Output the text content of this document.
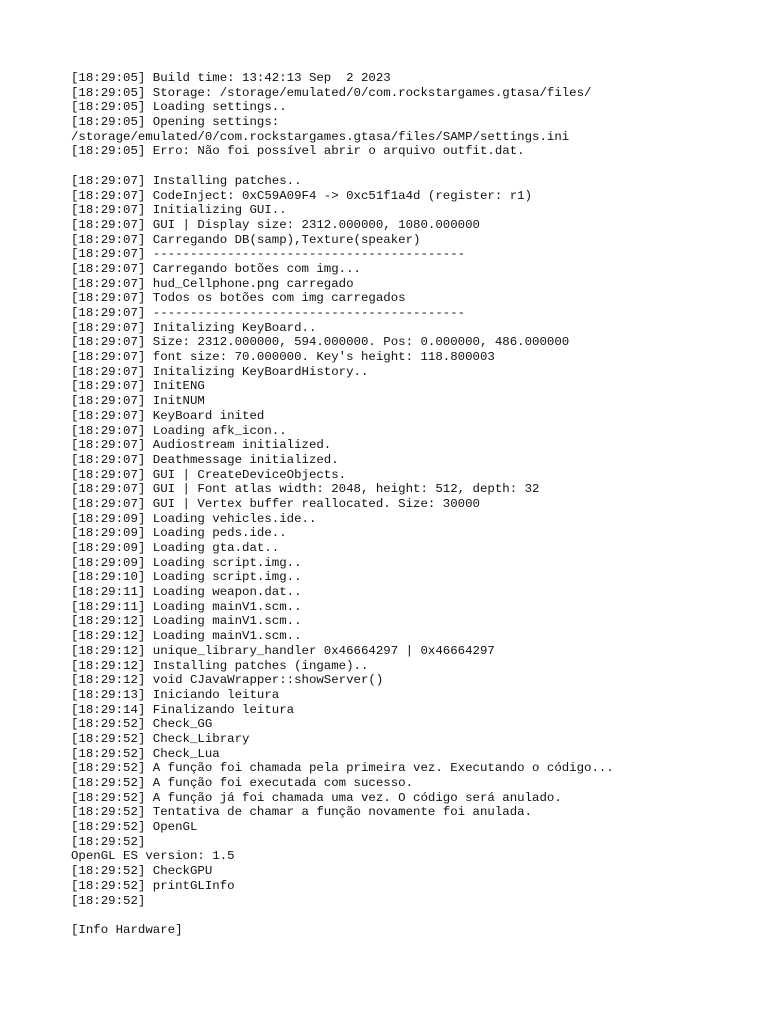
[18:29:05] Build time: 13:42:13 Sep  2 2023
[18:29:05] Storage: /storage/emulated/0/com.rockstargames.gtasa/files/
[18:29:05] Loading settings..
[18:29:05] Opening settings:
/storage/emulated/0/com.rockstargames.gtasa/files/SAMP/settings.ini
[18:29:05] Erro: Não foi possível abrir o arquivo outfit.dat.
[18:29:07] Installing patches..
[18:29:07] CodeInject: 0xC59A09F4 -> 0xc51f1a4d (register: r1)
[18:29:07] Initializing GUI..
[18:29:07] GUI | Display size: 2312.000000, 1080.000000
[18:29:07] Carregando DB(samp),Texture(speaker)
[18:29:07] ------------------------------------------
[18:29:07] Carregando botões com img...
[18:29:07] hud_Cellphone.png carregado
[18:29:07] Todos os botões com img carregados
[18:29:07] ------------------------------------------
[18:29:07] Initalizing KeyBoard..
[18:29:07] Size: 2312.000000, 594.000000. Pos: 0.000000, 486.000000
[18:29:07] font size: 70.000000. Key's height: 118.800003
[18:29:07] Initalizing KeyBoardHistory..
[18:29:07] InitENG
[18:29:07] InitNUM
[18:29:07] KeyBoard inited
[18:29:07] Loading afk_icon..
[18:29:07] Audiostream initialized.
[18:29:07] Deathmessage initialized.
[18:29:07] GUI | CreateDeviceObjects.
[18:29:07] GUI | Font atlas width: 2048, height: 512, depth: 32
[18:29:07] GUI | Vertex buffer reallocated. Size: 30000
[18:29:09] Loading vehicles.ide..
[18:29:09] Loading peds.ide..
[18:29:09] Loading gta.dat..
[18:29:09] Loading script.img..
[18:29:10] Loading script.img..
[18:29:11] Loading weapon.dat..
[18:29:11] Loading mainV1.scm..
[18:29:12] Loading mainV1.scm..
[18:29:12] Loading mainV1.scm..
[18:29:12] unique_library_handler 0x46664297 | 0x46664297
[18:29:12] Installing patches (ingame)..
[18:29:12] void CJavaWrapper::showServer()
[18:29:13] Iniciando leitura
[18:29:14] Finalizando leitura
[18:29:52] Check_GG
[18:29:52] Check_Library
[18:29:52] Check_Lua
[18:29:52] A função foi chamada pela primeira vez. Executando o código...
[18:29:52] A função foi executada com sucesso.
[18:29:52] A função já foi chamada uma vez. O código será anulado.
[18:29:52] Tentativa de chamar a função novamente foi anulada.
[18:29:52] OpenGL
[18:29:52]
OpenGL ES version: 1.5
[18:29:52] CheckGPU
[18:29:52] printGLInfo
[18:29:52]
[Info Hardware]
